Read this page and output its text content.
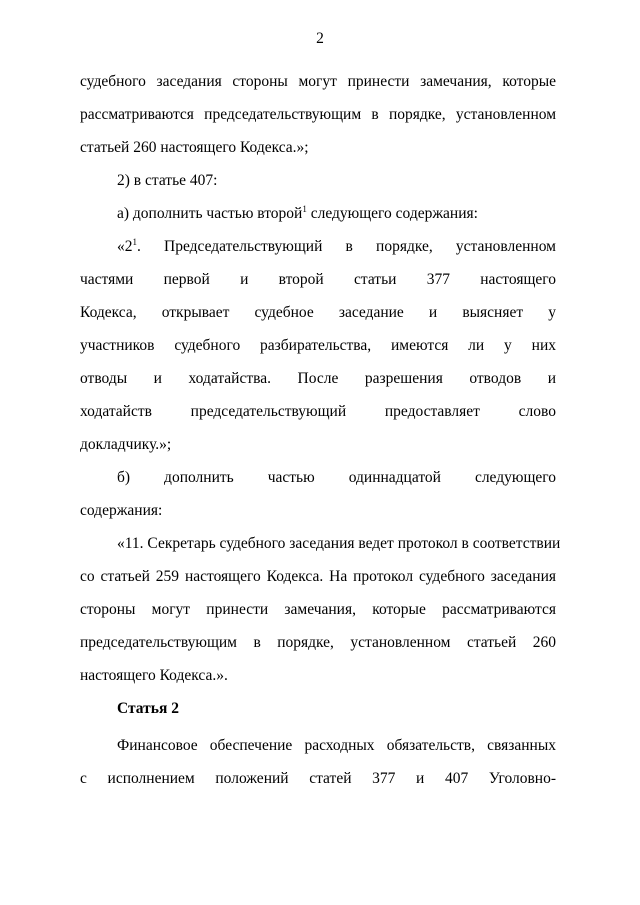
2
судебного заседания стороны могут принести замечания, которые
рассматриваются председательствующим в порядке, установленном
статьей 260 настоящего Кодекса.»;
2) в статье 407:
а) дополнить частью второй$^1$ следующего содержания:
«$2^1$. Председательствующий в порядке, установленном
частями первой и второй статьи 377 настоящего
Кодекса, открывает судебное заседание и выясняет у
участников судебного разбирательства, имеются ли у них
отводы и ходатайства. После разрешения отводов и
ходатайств председательствующий предоставляет слово
докладчику.»;
б) дополнить частью одиннадцатой следующего
содержания:
«11. Секретарь судебного заседания ведет протокол в соответствии
со статьей 259 настоящего Кодекса. На протокол судебного заседания
стороны могут принести замечания, которые рассматриваются
председательствующим в порядке, установленном статьей 260
настоящего Кодекса.».
Статья 2
Финансовое обеспечение расходных обязательств, связанных
с исполнением положений статей 377 и 407 Уголовно-
